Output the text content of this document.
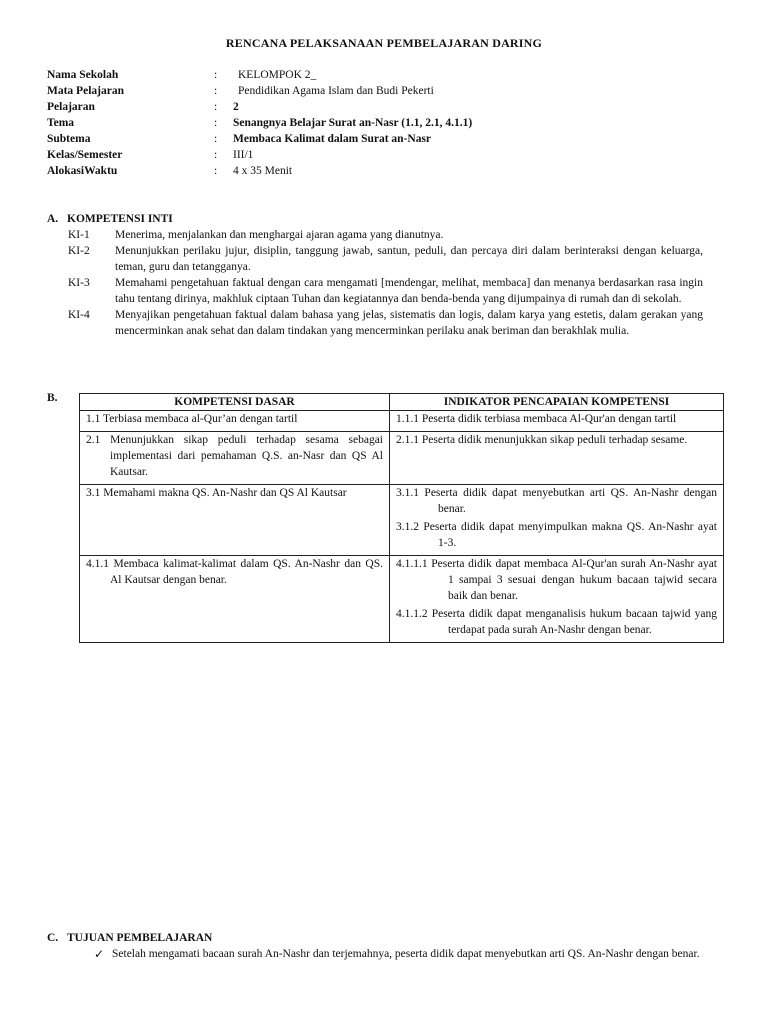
RENCANA PELAKSANAAN PEMBELAJARAN DARING
Nama Sekolah	:	KELOMPOK 2_
Mata Pelajaran	:	Pendidikan Agama Islam dan Budi Pekerti
Pelajaran	:	2
Tema	:	Senangnya Belajar Surat an-Nasr (1.1, 2.1, 4.1.1)
Subtema	:	Membaca Kalimat dalam Surat an-Nasr
Kelas/Semester	:	III/1
AlokasiWaktu	:	4 x 35 Menit
A. KOMPETENSI INTI
KI-1	Menerima, menjalankan dan menghargai ajaran agama yang dianutnya.
KI-2	Menunjukkan perilaku jujur, disiplin, tanggung jawab, santun, peduli, dan percaya diri dalam berinteraksi dengan keluarga, teman, guru dan tetangganya.
KI-3	Memahami pengetahuan faktual dengan cara mengamati [mendengar, melihat, membaca] dan menanya berdasarkan rasa ingin tahu tentang dirinya, makhluk ciptaan Tuhan dan kegiatannya dan benda-benda yang dijumpainya di rumah dan di sekolah.
KI-4	Menyajikan pengetahuan faktual dalam bahasa yang jelas, sistematis dan logis, dalam karya yang estetis, dalam gerakan yang mencerminkan anak sehat dan dalam tindakan yang mencerminkan perilaku anak beriman dan berakhlak mulia.
B.	KOMPETENSI DASAR	INDIKATOR PENCAPAIAN KOMPETENSI

1.1 Terbiasa membaca al-Qur’an dengan tartil	1.1.1 Peserta didik terbiasa membaca Al-Qur'an dengan tartil

2.1 Menunjukkan sikap peduli terhadap sesama sebagai implementasi dari pemahaman Q.S. an-Nasr dan QS Al Kautsar.	2.1.1 Peserta didik menunjukkan sikap peduli terhadap sesame.

3.1 Memahami makna QS. An-Nashr dan QS Al Kautsar	3.1.1 Peserta didik dapat menyebutkan arti QS. An-Nashr dengan benar.
3.1.2 Peserta didik dapat menyimpulkan makna QS. An-Nashr ayat 1-3.

4.1.1 Membaca kalimat-kalimat dalam QS. An-Nashr dan QS. Al Kautsar dengan benar.	4.1.1.1 Peserta didik dapat membaca Al-Qur'an surah An-Nashr ayat 1 sampai 3 sesuai dengan hukum bacaan tajwid secara baik dan benar.
4.1.1.2 Peserta didik dapat menganalisis hukum bacaan tajwid yang terdapat pada surah An-Nashr dengan benar.
C. TUJUAN PEMBELAJARAN
✓ Setelah mengamati bacaan surah An-Nashr dan terjemahnya, peserta didik dapat menyebutkan arti QS. An-Nashr dengan benar.
